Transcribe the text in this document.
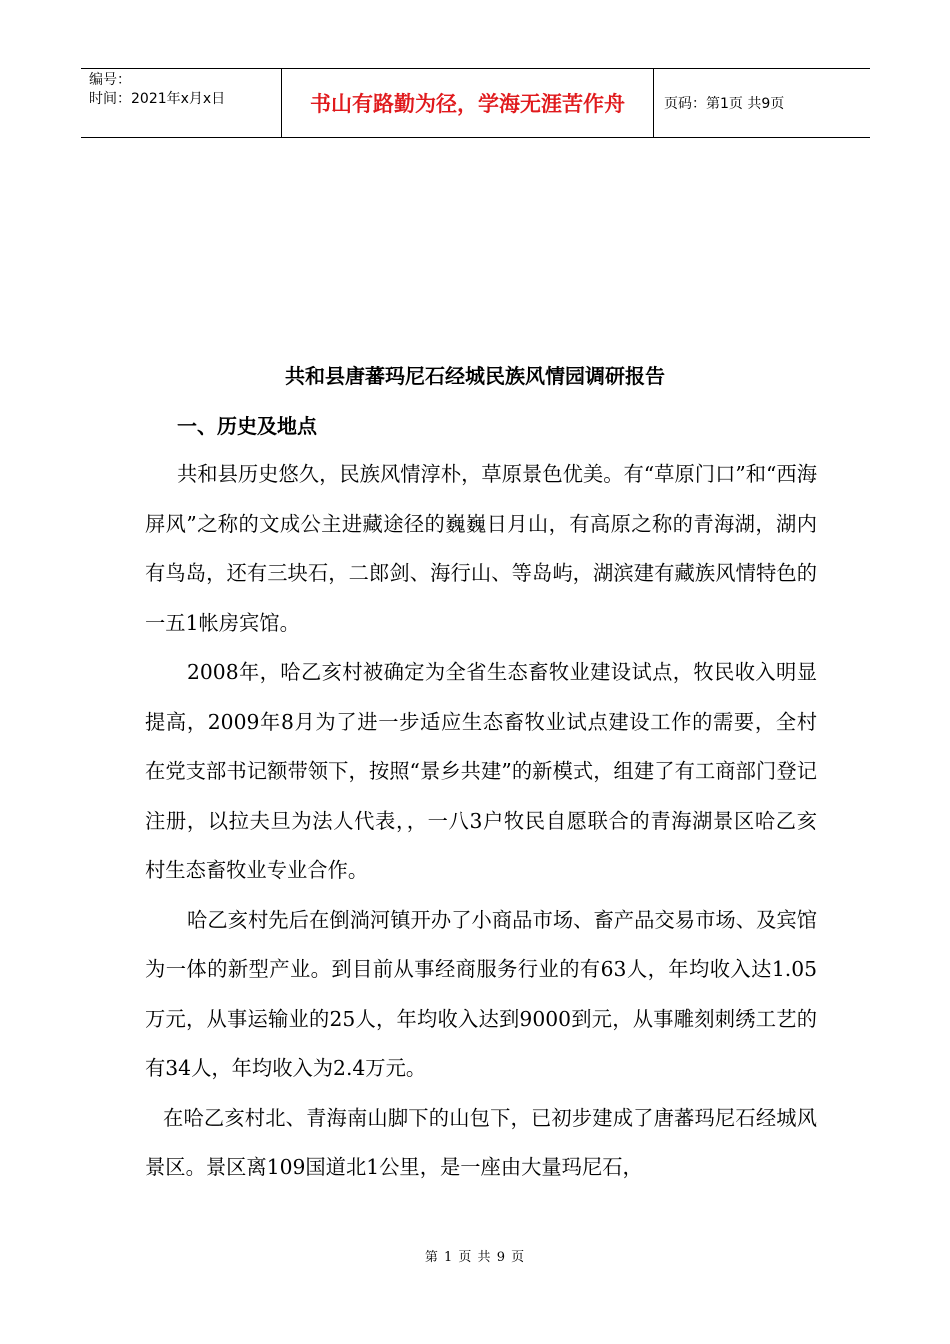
编号：
时间：2021年x月x日	书山有路勤为径，学海无涯苦作舟	页码：第1页 共9页
共和县唐蕃玛尼石经城民族风情园调研报告
一、历史及地点

共和县历史悠久，民族风情淳朴，草原景色优美。有“草原门口”和“西海屏风”之称的文成公主进藏途径的巍巍日月山，有高原之称的青海湖，湖内有鸟岛，还有三块石，二郎剑、海行山、等岛屿，湖滨建有藏族风情特色的一五1帐房宾馆。

2008年，哈乙亥村被确定为全省生态畜牧业建设试点，牧民收入明显提高，2009年8月为了进一步适应生态畜牧业试点建设工作的需要，全村在党支部书记额带领下，按照“景乡共建”的新模式，组建了有工商部门登记注册，以拉夫旦为法人代表，，一八3户牧民自愿联合的青海湖景区哈乙亥村生态畜牧业专业合作。

哈乙亥村先后在倒淌河镇开办了小商品市场、畜产品交易市场、及宾馆为一体的新型产业。到目前从事经商服务行业的有63人，年均收入达1.05万元，从事运输业的25人，年均收入达到9000到元，从事雕刻刺绣工艺的有34人，年均收入为2.4万元。

在哈乙亥村北、青海南山脚下的山包下，已初步建成了唐蕃玛尼石经城风景区。景区离109国道北1公里，是一座由大量玛尼石，

第 1 页 共 9 页
